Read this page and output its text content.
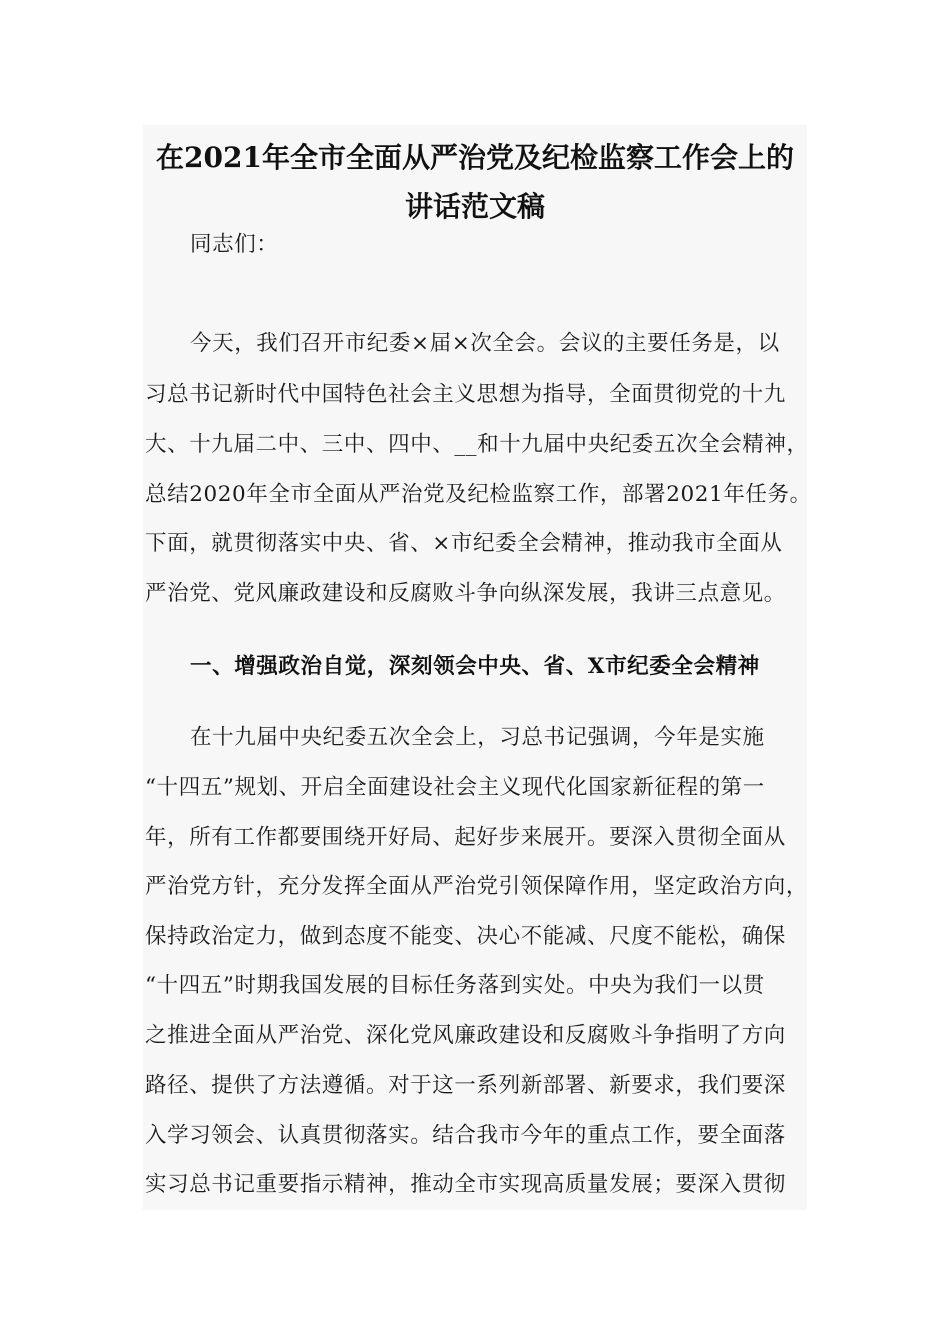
在2021年全市全面从严治党及纪检监察工作会上的
讲话范文稿

同志们：

今天，我们召开市纪委×届×次全会。会议的主要任务是，以

习总书记新时代中国特色社会主义思想为指导，全面贯彻党的十九

大、十九届二中、三中、四中、__和十九届中央纪委五次全会精神，

总结2020年全市全面从严治党及纪检监察工作，部署2021年任务。

下面，就贯彻落实中央、省、×市纪委全会精神，推动我市全面从

严治党、党风廉政建设和反腐败斗争向纵深发展，我讲三点意见。

一、增强政治自觉，深刻领会中央、省、X市纪委全会精神

在十九届中央纪委五次全会上，习总书记强调，今年是实施

“十四五”规划、开启全面建设社会主义现代化国家新征程的第一

年，所有工作都要围绕开好局、起好步来展开。要深入贯彻全面从

严治党方针，充分发挥全面从严治党引领保障作用，坚定政治方向，

保持政治定力，做到态度不能变、决心不能减、尺度不能松，确保

“十四五”时期我国发展的目标任务落到实处。中央为我们一以贯

之推进全面从严治党、深化党风廉政建设和反腐败斗争指明了方向

路径、提供了方法遵循。对于这一系列新部署、新要求，我们要深

入学习领会、认真贯彻落实。结合我市今年的重点工作，要全面落

实习总书记重要指示精神，推动全市实现高质量发展；要深入贯彻
